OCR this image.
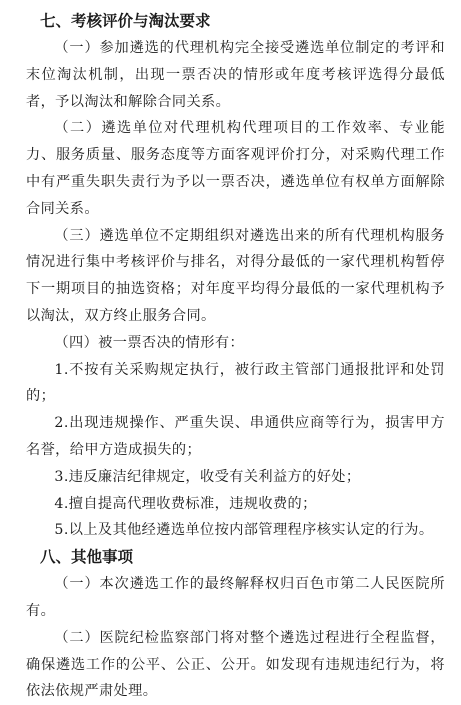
七、考核评价与淘汰要求

（一）参加遴选的代理机构完全接受遴选单位制定的考评和末位淘汰机制，出现一票否决的情形或年度考核评选得分最低者，予以淘汰和解除合同关系。

（二）遴选单位对代理机构代理项目的工作效率、专业能力、服务质量、服务态度等方面客观评价打分，对采购代理工作中有严重失职失责行为予以一票否决，遴选单位有权单方面解除合同关系。

（三）遴选单位不定期组织对遴选出来的所有代理机构服务情况进行集中考核评价与排名，对得分最低的一家代理机构暂停下一期项目的抽选资格；对年度平均得分最低的一家代理机构予以淘汰，双方终止服务合同。

（四）被一票否决的情形有：

1.不按有关采购规定执行，被行政主管部门通报批评和处罚的；

2.出现违规操作、严重失误、串通供应商等行为，损害甲方名誉，给甲方造成损失的；

3.违反廉洁纪律规定，收受有关利益方的好处；

4.擅自提高代理收费标准，违规收费的；

5.以上及其他经遴选单位按内部管理程序核实认定的行为。

八、其他事项

（一）本次遴选工作的最终解释权归百色市第二人民医院所有。

（二）医院纪检监察部门将对整个遴选过程进行全程监督，确保遴选工作的公平、公正、公开。如发现有违规违纪行为，将依法依规严肃处理。
